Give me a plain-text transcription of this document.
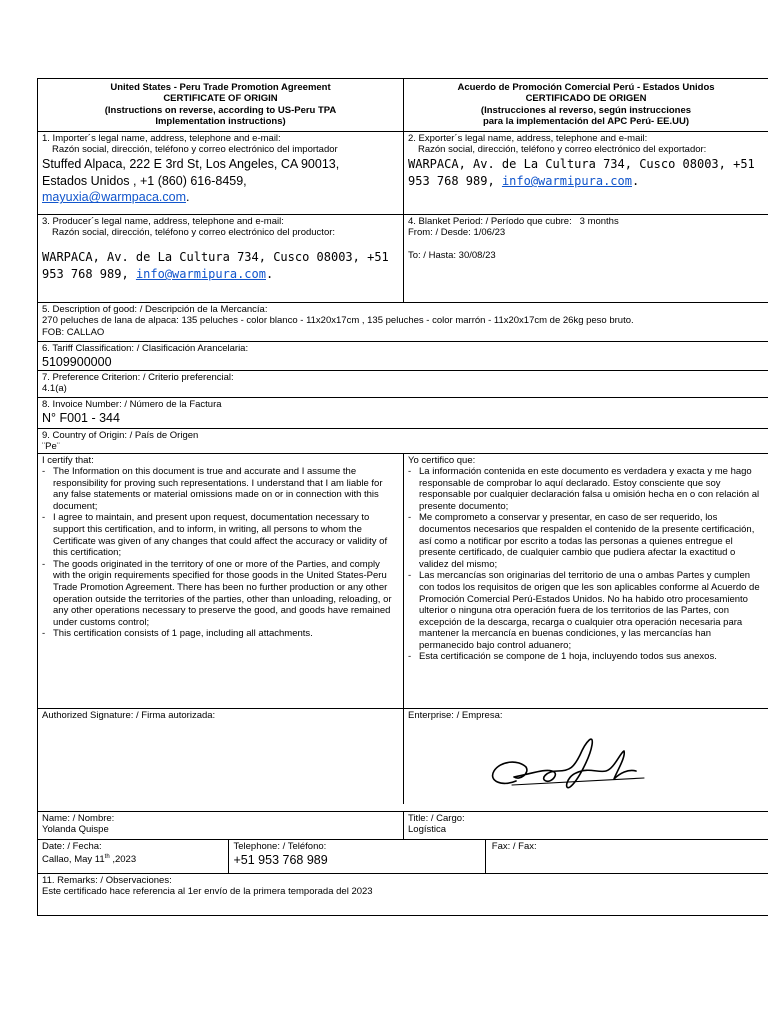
United States - Peru Trade Promotion Agreement
CERTIFICATE OF ORIGIN
(Instructions on reverse, according to US-Peru TPA
Implementation instructions)
Acuerdo de Promoción Comercial Perú - Estados Unidos
CERTIFICADO DE ORIGEN
(Instrucciones al reverso, según instrucciones
para la implementación del APC Perú- EE.UU)
1. Importer´s legal name, address, telephone and e-mail:
Razón social, dirección, teléfono y correo electrónico del importador
Stuffed Alpaca, 222 E 3rd St, Los Angeles, CA 90013,
Estados Unidos , +1 (860) 616-8459,
mayuxia@warmpaca.com.
2. Exporter´s legal name, address, telephone and e-mail:
Razón social, dirección, teléfono y correo electrónico del exportador:
WARPACA, Av. de La Cultura 734, Cusco 08003, +51
953 768 989, info@warmipura.com.
3. Producer´s legal name, address, telephone and e-mail:
Razón social, dirección, teléfono y correo electrónico del productor:
WARPACA, Av. de La Cultura 734, Cusco 08003, +51
953 768 989, info@warmipura.com.
4. Blanket Period: / Período que cubre: 3 months
From: / Desde: 1/06/23
To: / Hasta: 30/08/23
5. Description of good: / Descripción de la Mercancía:
270 peluches de lana de alpaca: 135 peluches - color blanco - 11x20x17cm , 135 peluches - color marrón - 11x20x17cm de 26kg peso bruto.
FOB: CALLAO
6. Tariff Classification: / Clasificación Arancelaria:
5109900000
7. Preference Criterion: / Criterio preferencial:
4.1(a)
8. Invoice Number: / Número de la Factura
N° F001 - 344
9. Country of Origin: / País de Origen
¨Pe¨
I certify that:
- The Information on this document is true and accurate and I assume the responsibility for proving such representations. I understand that I am liable for any false statements or material omissions made on or in connection with this document;
- I agree to maintain, and present upon request, documentation necessary to support this certification, and to inform, in writing, all persons to whom the Certificate was given of any changes that could affect the accuracy or validity of this certification;
- The goods originated in the territory of one or more of the Parties, and comply with the origin requirements specified for those goods in the United States-Peru Trade Promotion Agreement. There has been no further production or any other operation outside the territories of the parties, other than unloading, reloading, or any other operations necessary to preserve the good, and goods have remained under customs control;
- This certification consists of 1 page, including all attachments.
Yo certifico que:
- La información contenida en este documento es verdadera y exacta y me hago responsable de comprobar lo aquí declarado. Estoy consciente que soy responsable por cualquier declaración falsa u omisión hecha en o con relación al presente documento;
- Me comprometo a conservar y presentar, en caso de ser requerido, los documentos necesarios que respalden el contenido de la presente certificación, así como a notificar por escrito a todas las personas a quienes entregue el presente certificado, de cualquier cambio que pudiera afectar la exactitud o validez del mismo;
- Las mercancías son originarias del territorio de una o ambas Partes y cumplen con todos los requisitos de origen que les son aplicables conforme al Acuerdo de Promoción Comercial Perú-Estados Unidos. No ha habido otro procesamiento ulterior o ninguna otra operación fuera de los territorios de las Partes, con excepción de la descarga, recarga o cualquier otra operación necesaria para mantener la mercancía en buenas condiciones, y las mercancías han permanecido bajo control aduanero;
- Esta certificación se compone de 1 hoja, incluyendo todos sus anexos.
Authorized Signature: / Firma autorizada:	Enterprise: / Empresa:
Name: / Nombre:
Yolanda Quispe
Title: / Cargo:
Logística
Date: / Fecha:
Callao, May 11th ,2023
Telephone: / Teléfono:
+51 953 768 989
Fax: / Fax:
11. Remarks: / Observaciones:
Este certificado hace referencia al 1er envío de la primera temporada del 2023
